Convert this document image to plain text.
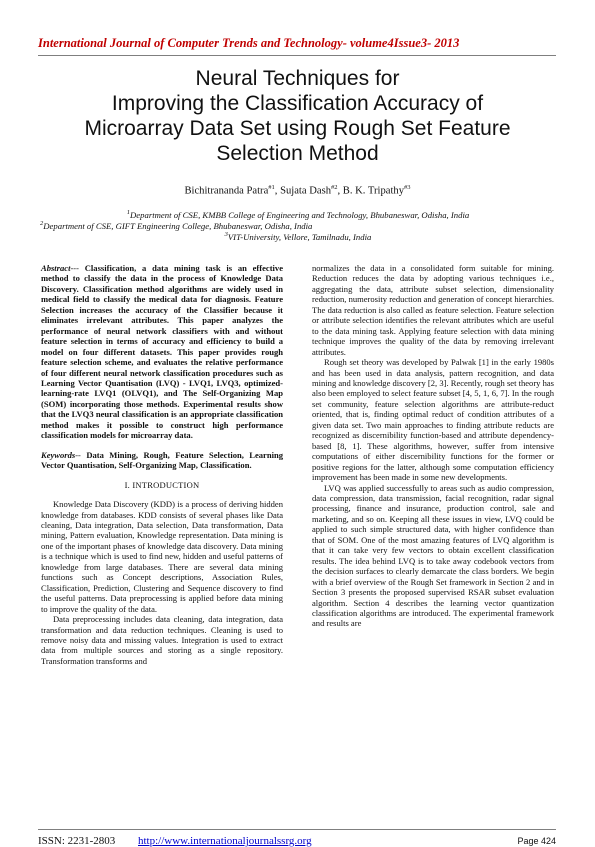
International Journal of Computer Trends and Technology- volume4Issue3- 2013
Neural Techniques for
Improving the Classification Accuracy of
Microarray Data Set using Rough Set Feature
Selection Method
Bichitrananda Patra$^{\#1}$, Sujata Dash$^{\#2}$, B. K. Tripathy$^{\#3}$
$^1$Department of CSE, KMBB College of Engineering and Technology, Bhubaneswar, Odisha, India
$^2$Department of CSE, GIFT Engineering College, Bhubaneswar, Odisha, India
$^3$VIT-University, Vellore, Tamilnadu, India

Abstract--- Classification, a data mining task is an effective method to classify the data in the process of Knowledge Data Discovery. Classification method algorithms are widely used in medical field to classify the medical data for diagnosis. Feature Selection increases the accuracy of the Classifier because it eliminates irrelevant attributes. This paper analyzes the performance of neural network classifiers with and without feature selection in terms of accuracy and efficiency to build a model on four different datasets. This paper provides rough feature selection scheme, and evaluates the relative performance of four different neural network classification procedures such as Learning Vector Quantisation (LVQ) - LVQ1, LVQ3, optimized-learning-rate LVQ1 (OLVQ1), and The Self-Organizing Map (SOM) incorporating those methods. Experimental results show that the LVQ3 neural classification is an appropriate classification method makes it possible to construct high performance classification models for microarray data.

Keywords-- Data Mining, Rough, Feature Selection, Learning Vector Quantisation, Self-Organizing Map, Classification.

I. INTRODUCTION

Knowledge Data Discovery (KDD) is a process of deriving hidden knowledge from databases. KDD consists of several phases like Data cleaning, Data integration, Data selection, Data transformation, Data mining, Pattern evaluation, Knowledge representation. Data mining is one of the important phases of knowledge data discovery. Data mining is a technique which is used to find new, hidden and useful patterns of knowledge from large databases. There are several data mining functions such as Concept descriptions, Association Rules, Classification, Prediction, Clustering and Sequence discovery to find the useful patterns. Data preprocessing is applied before data mining to improve the quality of the data.

Data preprocessing includes data cleaning, data integration, data transformation and data reduction techniques. Cleaning is used to remove noisy data and missing values. Integration is used to extract data from multiple sources and storing as a single repository. Transformation transforms and

normalizes the data in a consolidated form suitable for mining. Reduction reduces the data by adopting various techniques i.e., aggregating the data, attribute subset selection, dimensionality reduction, numerosity reduction and generation of concept hierarchies. The data reduction is also called as feature selection. Feature selection or attribute selection identifies the relevant attributes which are useful to the data mining task. Applying feature selection with data mining technique improves the quality of the data by removing irrelevant attributes.

Rough set theory was developed by Palwak [1] in the early 1980s and has been used in data analysis, pattern recognition, and data mining and knowledge discovery [2, 3]. Recently, rough set theory has also been employed to select feature subset [4, 5, 1, 6, 7]. In the rough set community, feature selection algorithms are attribute-reduct oriented, that is, finding optimal reduct of condition attributes of a given data set. Two main approaches to finding attribute reducts are recognized as discernibility function-based and attribute dependency-based [8, 1]. These algorithms, however, suffer from intensive computations of either discernibility functions for the former or positive regions for the latter, although some computation efficiency improvement has been made in some new developments.

LVQ was applied successfully to areas such as audio compression, data compression, data transmission, facial recognition, radar signal processing, finance and insurance, production control, sale and marketing, and so on. Keeping all these issues in view, LVQ could be applied to such simple structured data, with higher confidence than that of SOM. One of the most amazing features of LVQ algorithm is that it can take very few vectors to obtain excellent classification results. The idea behind LVQ is to take away codebook vectors from the decision surfaces to clearly demarcate the class borders. We begin with a brief overview of the Rough Set framework in Section 2 and in Section 3 presents the proposed supervised RSAR subset evaluation algorithm. Section 4 describes the learning vector quantization classification algorithms are introduced. The experimental framework and results are

ISSN: 2231-2803 http://www.internationaljournalssrg.org	Page 424
